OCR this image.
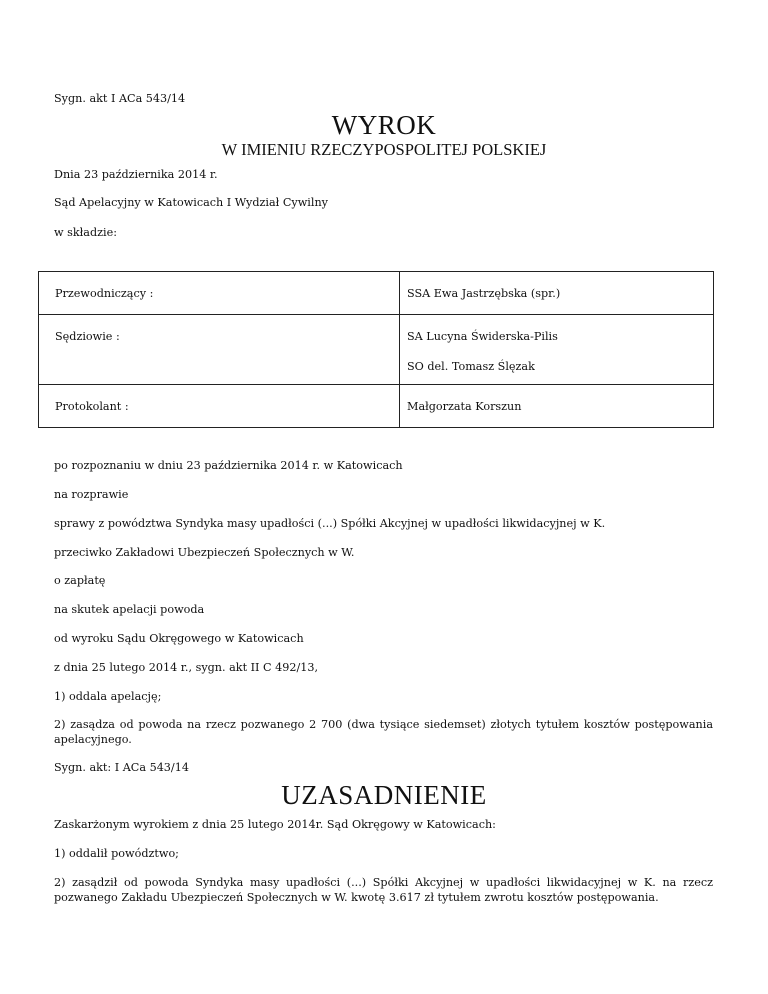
Sygn. akt I ACa 543/14

WYROK

W IMIENIU RZECZYPOSPOLITEJ POLSKIEJ

Dnia 23 października 2014 r.

Sąd Apelacyjny w Katowicach I Wydział Cywilny

w składzie:

Przewodniczący :	SSA Ewa Jastrzębska (spr.)

Sędziowie :	SA Lucyna Świderska-Pilis
SO del. Tomasz Ślęzak

Protokolant :	Małgorzata Korszun

po rozpoznaniu w dniu 23 października 2014 r. w Katowicach

na rozprawie

sprawy z powództwa Syndyka masy upadłości (...) Spółki Akcyjnej w upadłości likwidacyjnej w K.

przeciwko Zakładowi Ubezpieczeń Społecznych w W.

o zapłatę

na skutek apelacji powoda

od wyroku Sądu Okręgowego w Katowicach

z dnia 25 lutego 2014 r., sygn. akt II C 492/13,

1) oddala apelację;

2) zasądza od powoda na rzecz pozwanego 2 700 (dwa tysiące siedemset) złotych tytułem kosztów postępowania apelacyjnego.

Sygn. akt: I ACa 543/14

UZASADNIENIE

Zaskarżonym wyrokiem z dnia 25 lutego 2014r. Sąd Okręgowy w Katowicach:

1) oddalił powództwo;

2) zasądził od powoda Syndyka masy upadłości (...) Spółki Akcyjnej w upadłości likwidacyjnej w K. na rzecz pozwanego Zakładu Ubezpieczeń Społecznych w W. kwotę 3.617 zł tytułem zwrotu kosztów postępowania.
